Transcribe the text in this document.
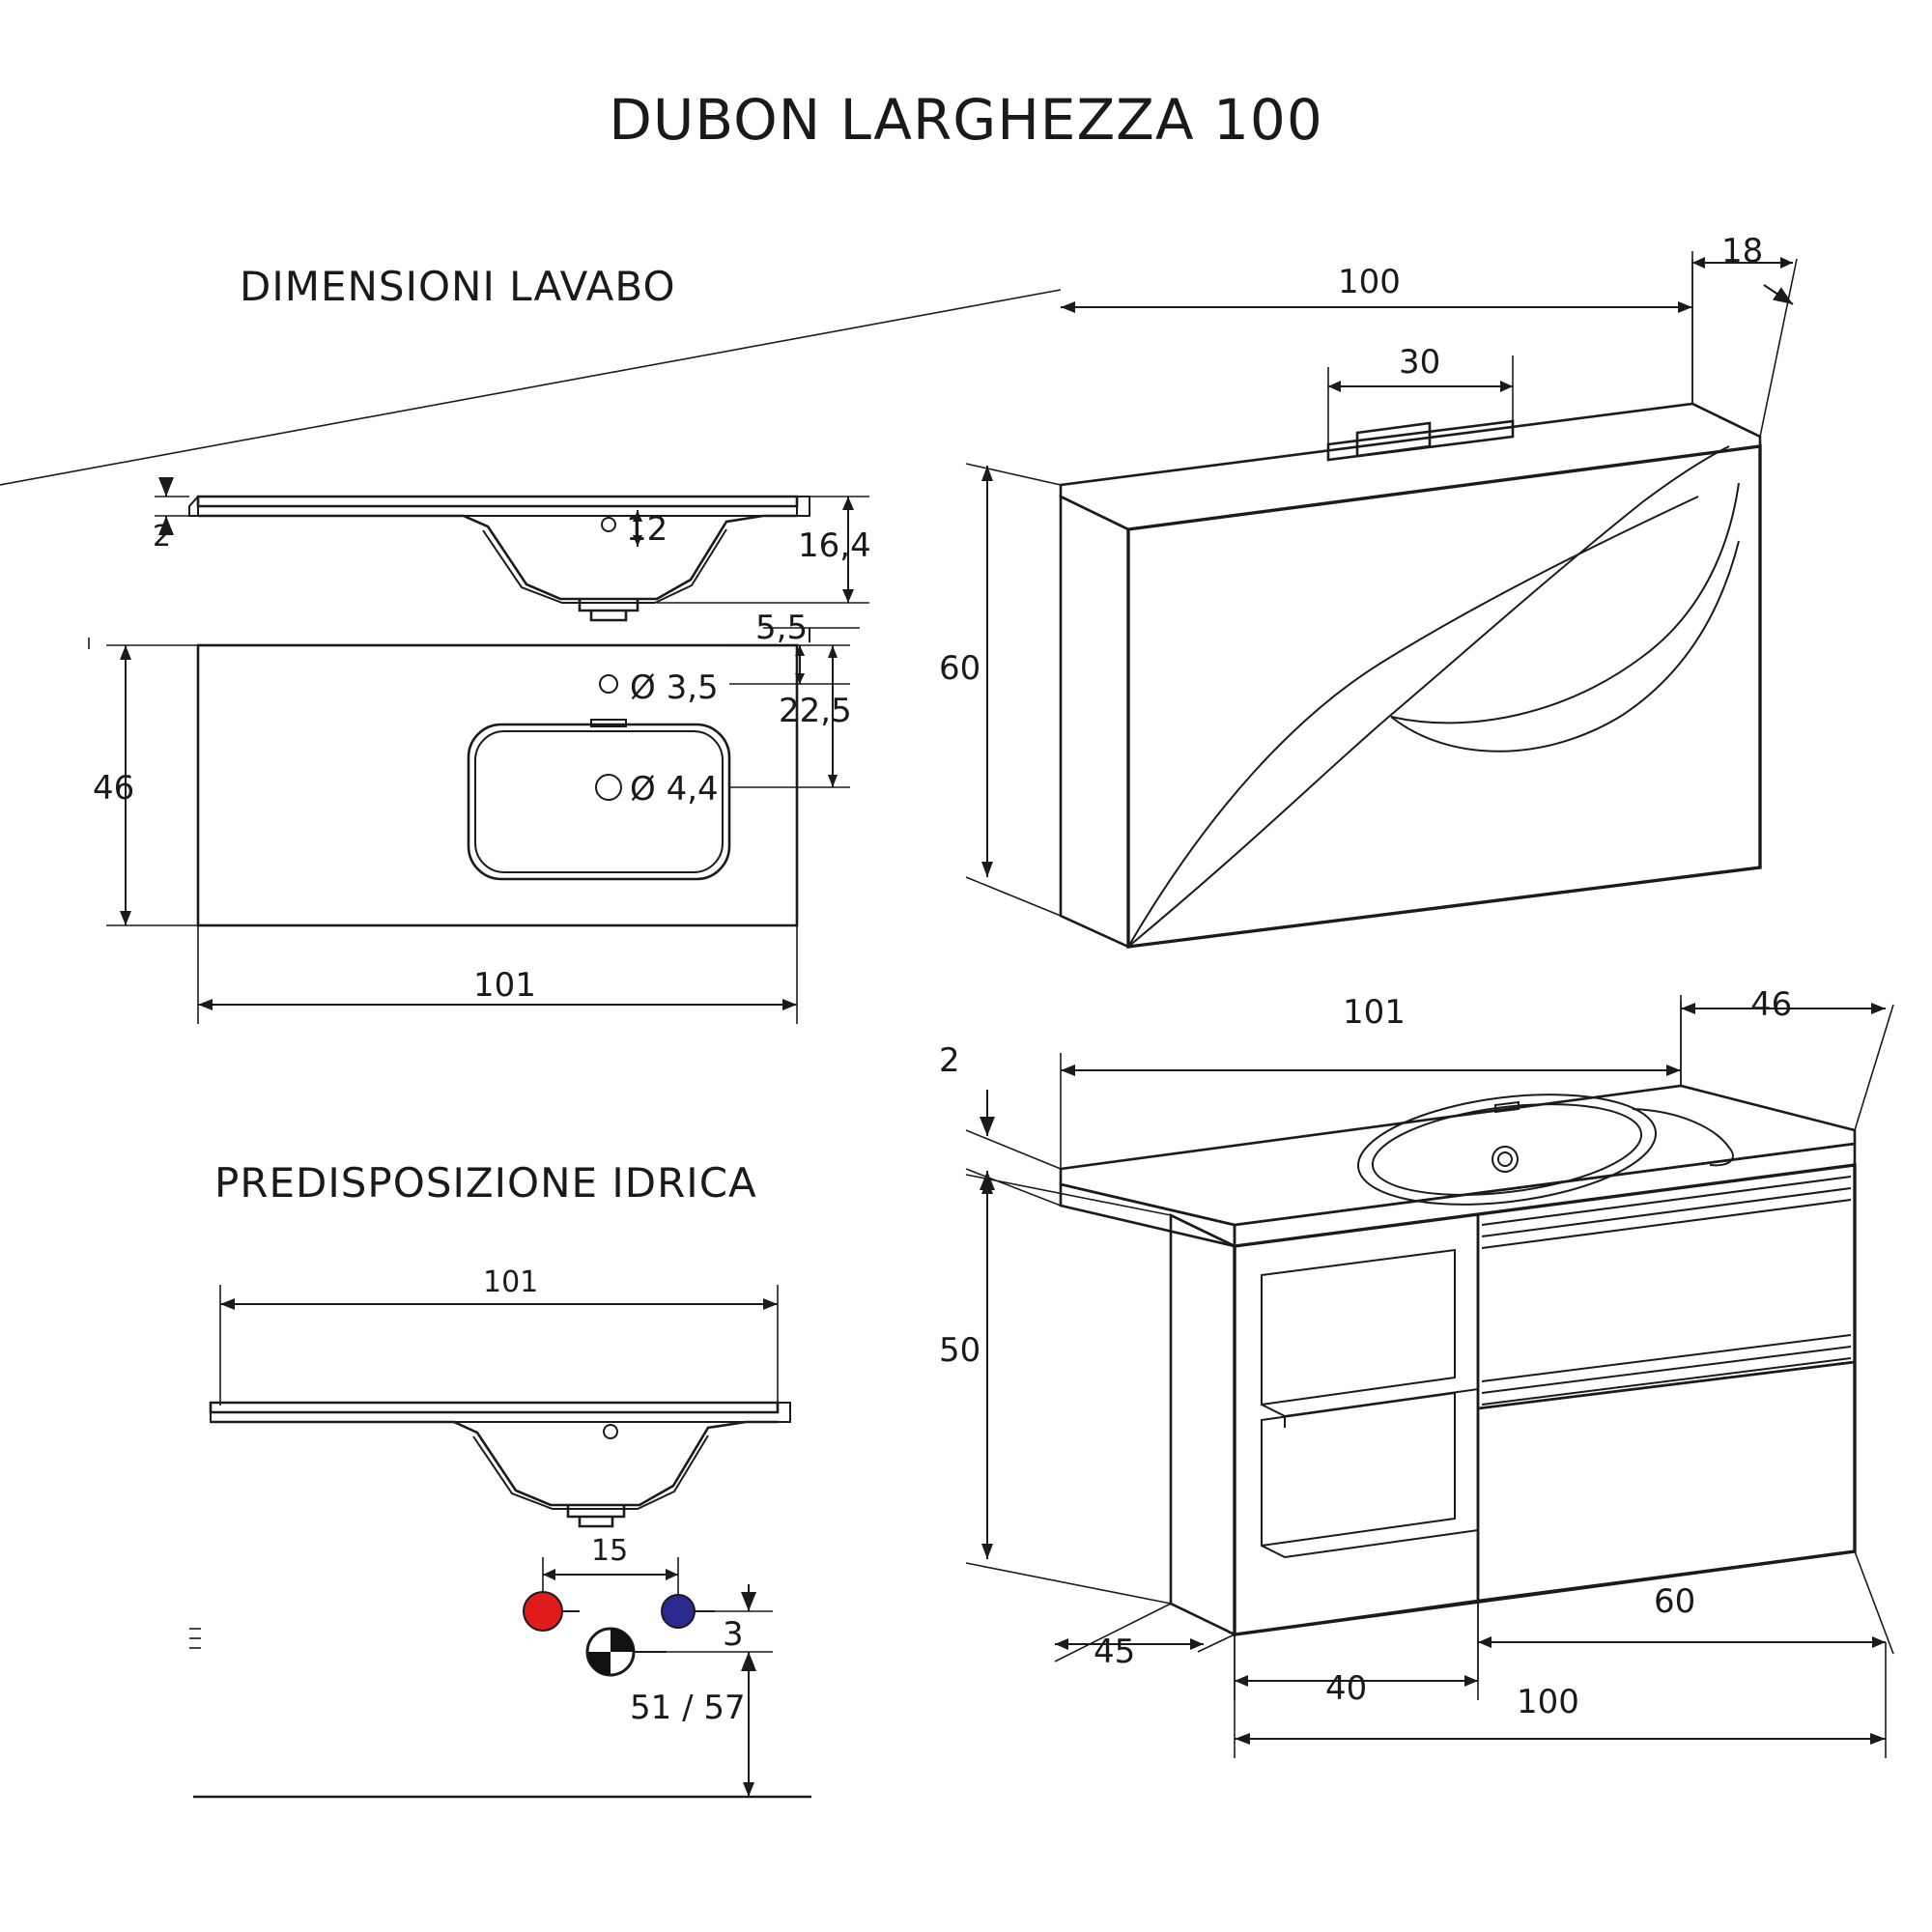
DUBON LARGHEZZA 100
DIMENSIONI LAVABO
PREDISPOSIZIONE IDRICA
2	12	16,4
5,5
Ø 3,5
Ø 4,4
22,5
46
101
100
30
18
60
101	46
2
50
45
40
60
100
101
15
3
51 / 57
